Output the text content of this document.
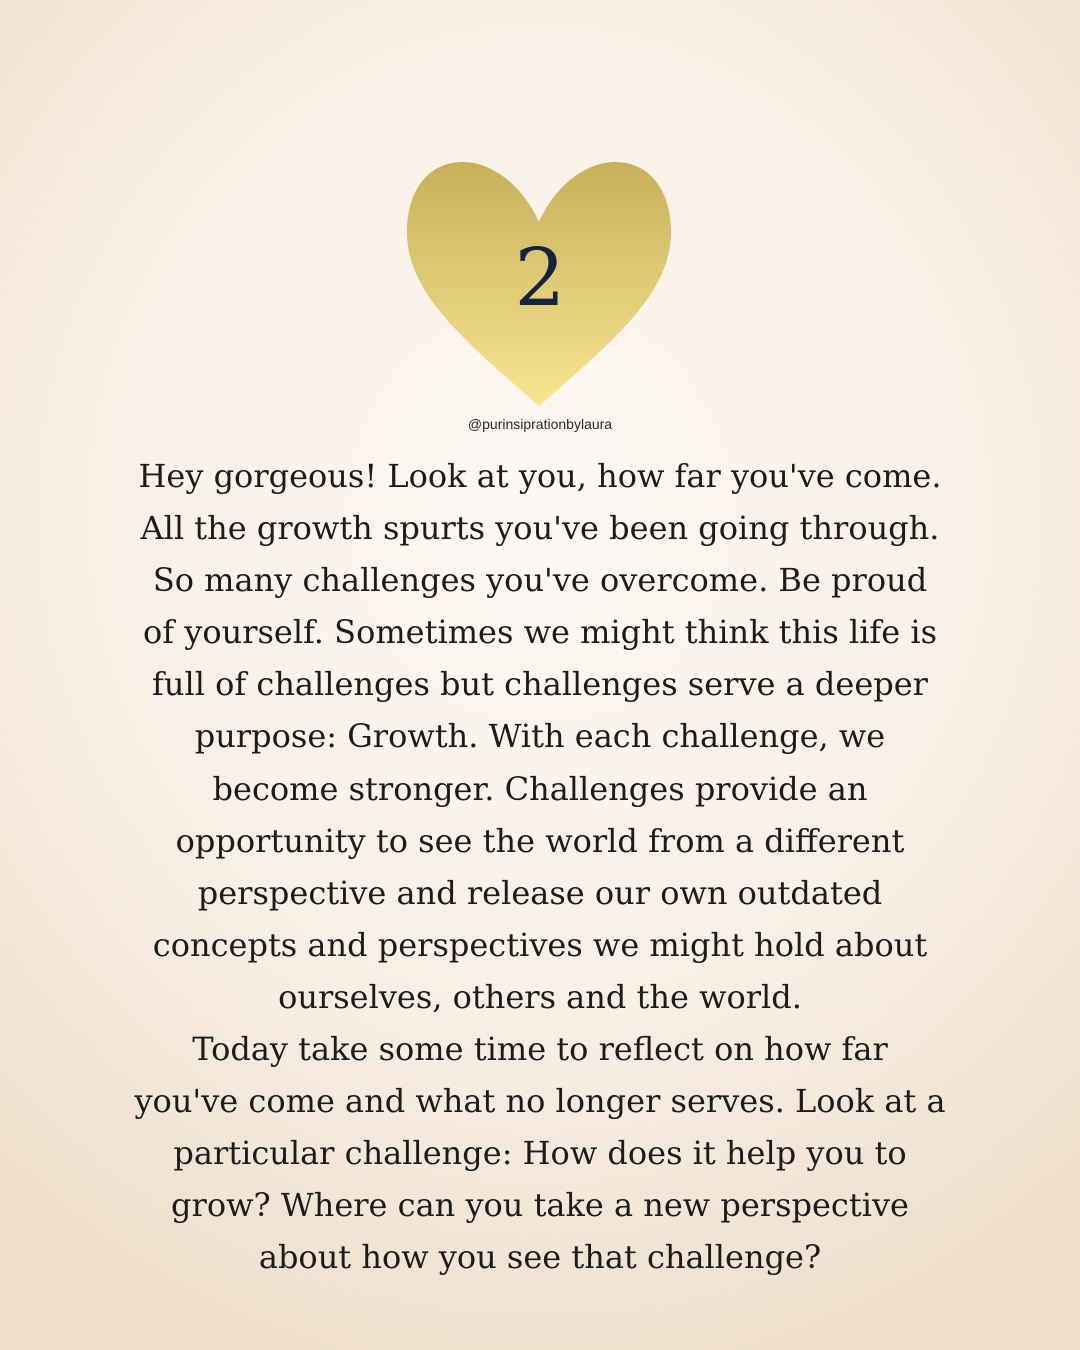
2
@purinsiprationbylaura
Hey gorgeous! Look at you, how far you've come.
All the growth spurts you've been going through.
So many challenges you've overcome. Be proud
of yourself. Sometimes we might think this life is
full of challenges but challenges serve a deeper
purpose: Growth. With each challenge, we
become stronger. Challenges provide an
opportunity to see the world from a different
perspective and release our own outdated
concepts and perspectives we might hold about
ourselves, others and the world.
Today take some time to reflect on how far
you've come and what no longer serves. Look at a
particular challenge: How does it help you to
grow? Where can you take a new perspective
about how you see that challenge?
